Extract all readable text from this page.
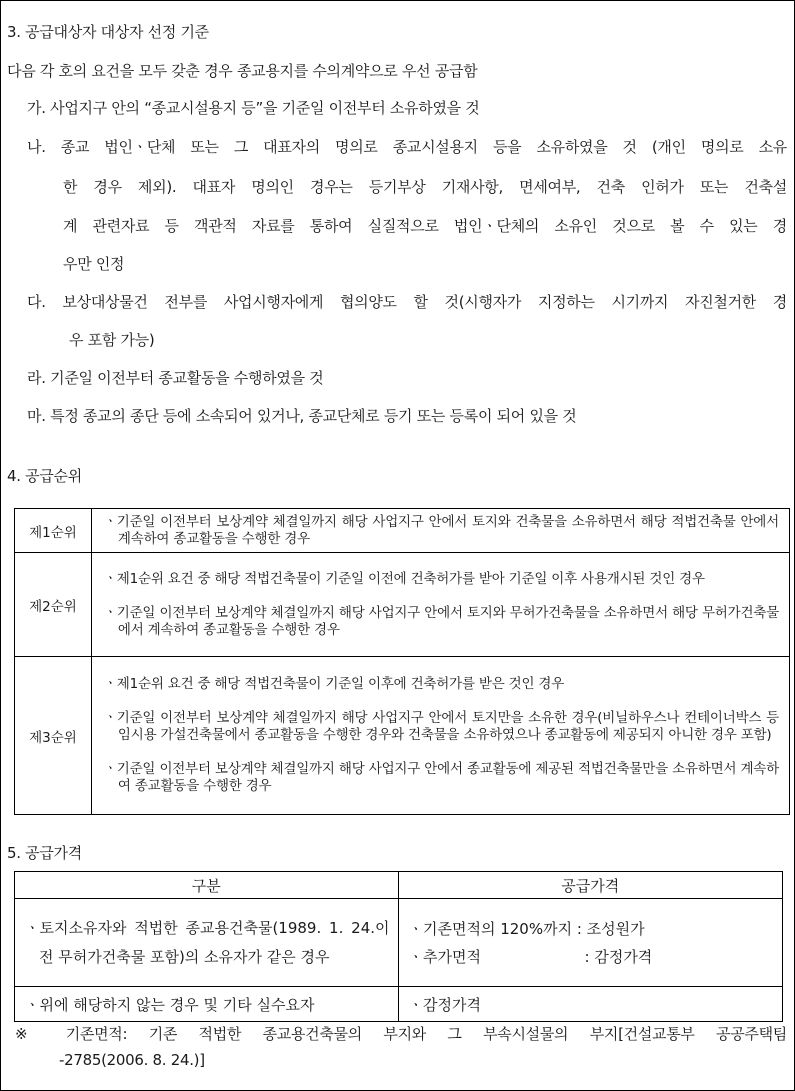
3. 공급대상자 대상자 선정 기준
다음 각 호의 요건을 모두 갖춘 경우 종교용지를 수의계약으로 우선 공급함
가. 사업지구 안의 “종교시설용지 등”을 기준일 이전부터 소유하였을 것
나. 종교 법인ㆍ단체 또는 그 대표자의 명의로 종교시설용지 등을 소유하였을 것 (개인 명의로 소유
한 경우 제외). 대표자 명의인 경우는 등기부상 기재사항, 면세여부, 건축 인허가 또는 건축설
계 관련자료 등 객관적 자료를 통하여 실질적으로 법인ㆍ단체의 소유인 것으로 볼 수 있는 경
우만 인정
다. 보상대상물건 전부를 사업시행자에게 협의양도 할 것(시행자가 지정하는 시기까지 자진철거한 경
우 포함 가능)
라. 기준일 이전부터 종교활동을 수행하였을 것
마. 특정 종교의 종단 등에 소속되어 있거나, 종교단체로 등기 또는 등록이 되어 있을 것
4. 공급순위
제1순위	ㆍ기준일 이전부터 보상계약 체결일까지 해당 사업지구 안에서 토지와 건축물을 소유하면서 해당 적법건축물 안에서 계속하여 종교활동을 수행한 경우

제2순위	ㆍ제1순위 요건 중 해당 적법건축물이 기준일 이전에 건축허가를 받아 기준일 이후 사용개시된 것인 경우
ㆍ기준일 이전부터 보상계약 체결일까지 해당 사업지구 안에서 토지와 무허가건축물을 소유하면서 해당 무허가건축물에서 계속하여 종교활동을 수행한 경우

제3순위	ㆍ제1순위 요건 중 해당 적법건축물이 기준일 이후에 건축허가를 받은 것인 경우
ㆍ기준일 이전부터 보상계약 체결일까지 해당 사업지구 안에서 토지만을 소유한 경우(비닐하우스나 컨테이너박스 등 임시용 가설건축물에서 종교활동을 수행한 경우와 건축물을 소유하였으나 종교활동에 제공되지 아니한 경우 포함)
ㆍ기준일 이전부터 보상계약 체결일까지 해당 사업지구 안에서 종교활동에 제공된 적법건축물만을 소유하면서 계속하여 종교활동을 수행한 경우
5. 공급가격
구분	공급가격
ㆍ토지소유자와 적법한 종교용건축물(1989. 1. 24.이전 무허가건축물 포함)의 소유자가 같은 경우	ㆍ기존면적의 120%까지 : 조성원가
ㆍ추가면적 : 감정가격

ㆍ위에 해당하지 않는 경우 및 기타 실수요자	ㆍ감정가격
※ 기존면적: 기존 적법한 종교용건축물의 부지와 그 부속시설물의 부지[건설교통부 공공주택팀
-2785(2006. 8. 24.)]
